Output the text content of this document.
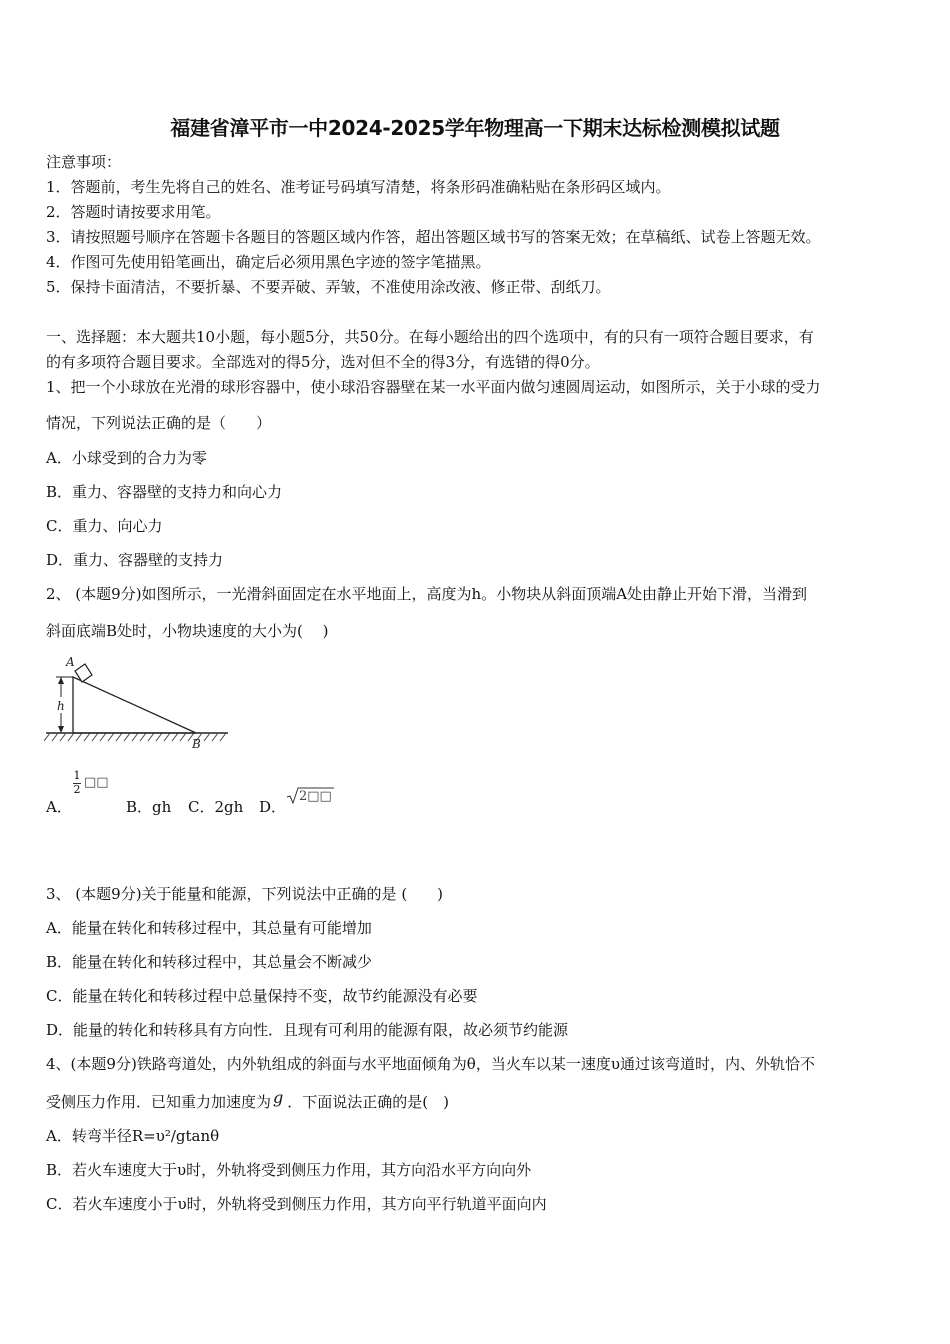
福建省漳平市一中2024-2025学年物理高一下期末达标检测模拟试题
注意事项：
1．答题前，考生先将自己的姓名、准考证号码填写清楚，将条形码准确粘贴在条形码区域内。
2．答题时请按要求用笔。
3．请按照题号顺序在答题卡各题目的答题区域内作答，超出答题区域书写的答案无效；在草稿纸、试卷上答题无效。
4．作图可先使用铅笔画出，确定后必须用黑色字迹的签字笔描黑。
5．保持卡面清洁，不要折暴、不要弄破、弄皱，不准使用涂改液、修正带、刮纸刀。
一、选择题：本大题共10小题，每小题5分，共50分。在每小题给出的四个选项中，有的只有一项符合题目要求，有
的有多项符合题目要求。全部选对的得5分，选对但不全的得3分，有选错的得0分。
1、把一个小球放在光滑的球形容器中，使小球沿容器壁在某一水平面内做匀速圆周运动，如图所示，关于小球的受力
情况，下列说法正确的是（　　）
A．小球受到的合力为零
B．重力、容器壁的支持力和向心力
C．重力、向心力
D．重力、容器壁的支持力
2、 (本题9分)如图所示，一光滑斜面固定在水平地面上，高度为h。小物块从斜面顶端A处由静止开始下滑，当滑到
斜面底端B处时，小物块速度的大小为(　 )
h
A
B
A．
1
2 □□
B．gh C．2gh D．
2□□
3、 (本题9分)关于能量和能源，下列说法中正确的是 (　　)
A．能量在转化和转移过程中，其总量有可能增加
B．能量在转化和转移过程中，其总量会不断减少
C．能量在转化和转移过程中总量保持不变，故节约能源没有必要
D．能量的转化和转移具有方向性．且现有可利用的能源有限，故必须节约能源
4、(本题9分)铁路弯道处，内外轨组成的斜面与水平地面倾角为θ，当火车以某一速度υ通过该弯道时，内、外轨恰不
受侧压力作用．已知重力加速度为 g ．下面说法正确的是(　)
A．转弯半径R=υ²/gtanθ
B．若火车速度大于υ时，外轨将受到侧压力作用，其方向沿水平方向向外
C．若火车速度小于υ时，外轨将受到侧压力作用，其方向平行轨道平面向内
